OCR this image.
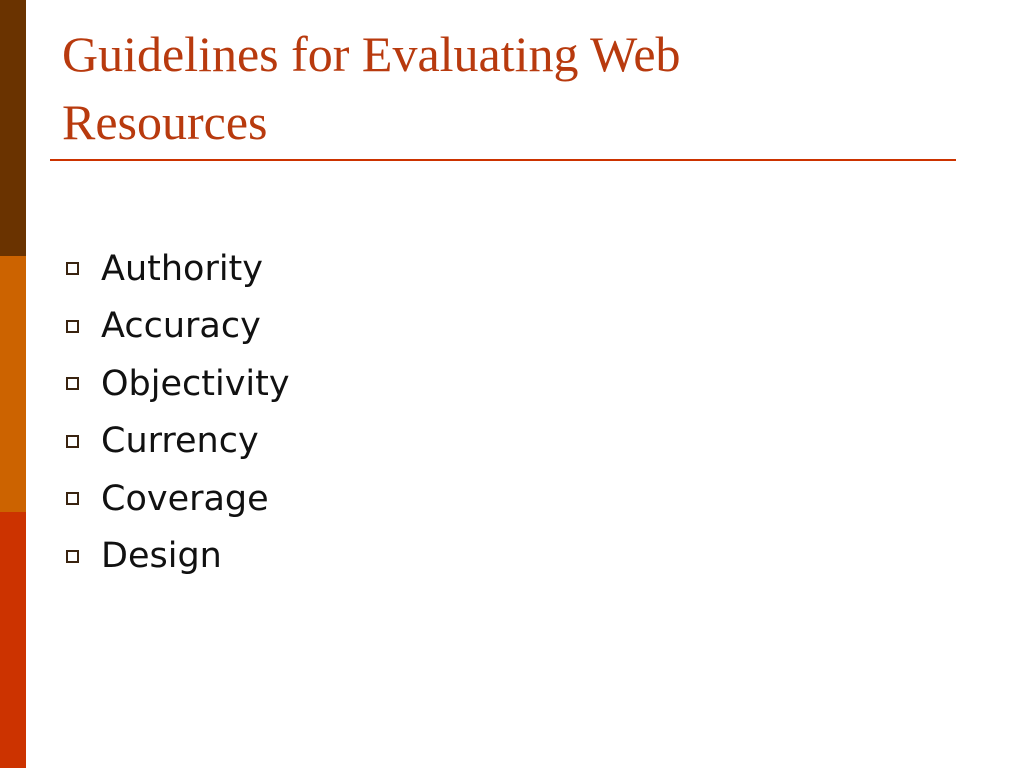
Guidelines for Evaluating Web
Resources
Authority
Accuracy
Objectivity
Currency
Coverage
Design
